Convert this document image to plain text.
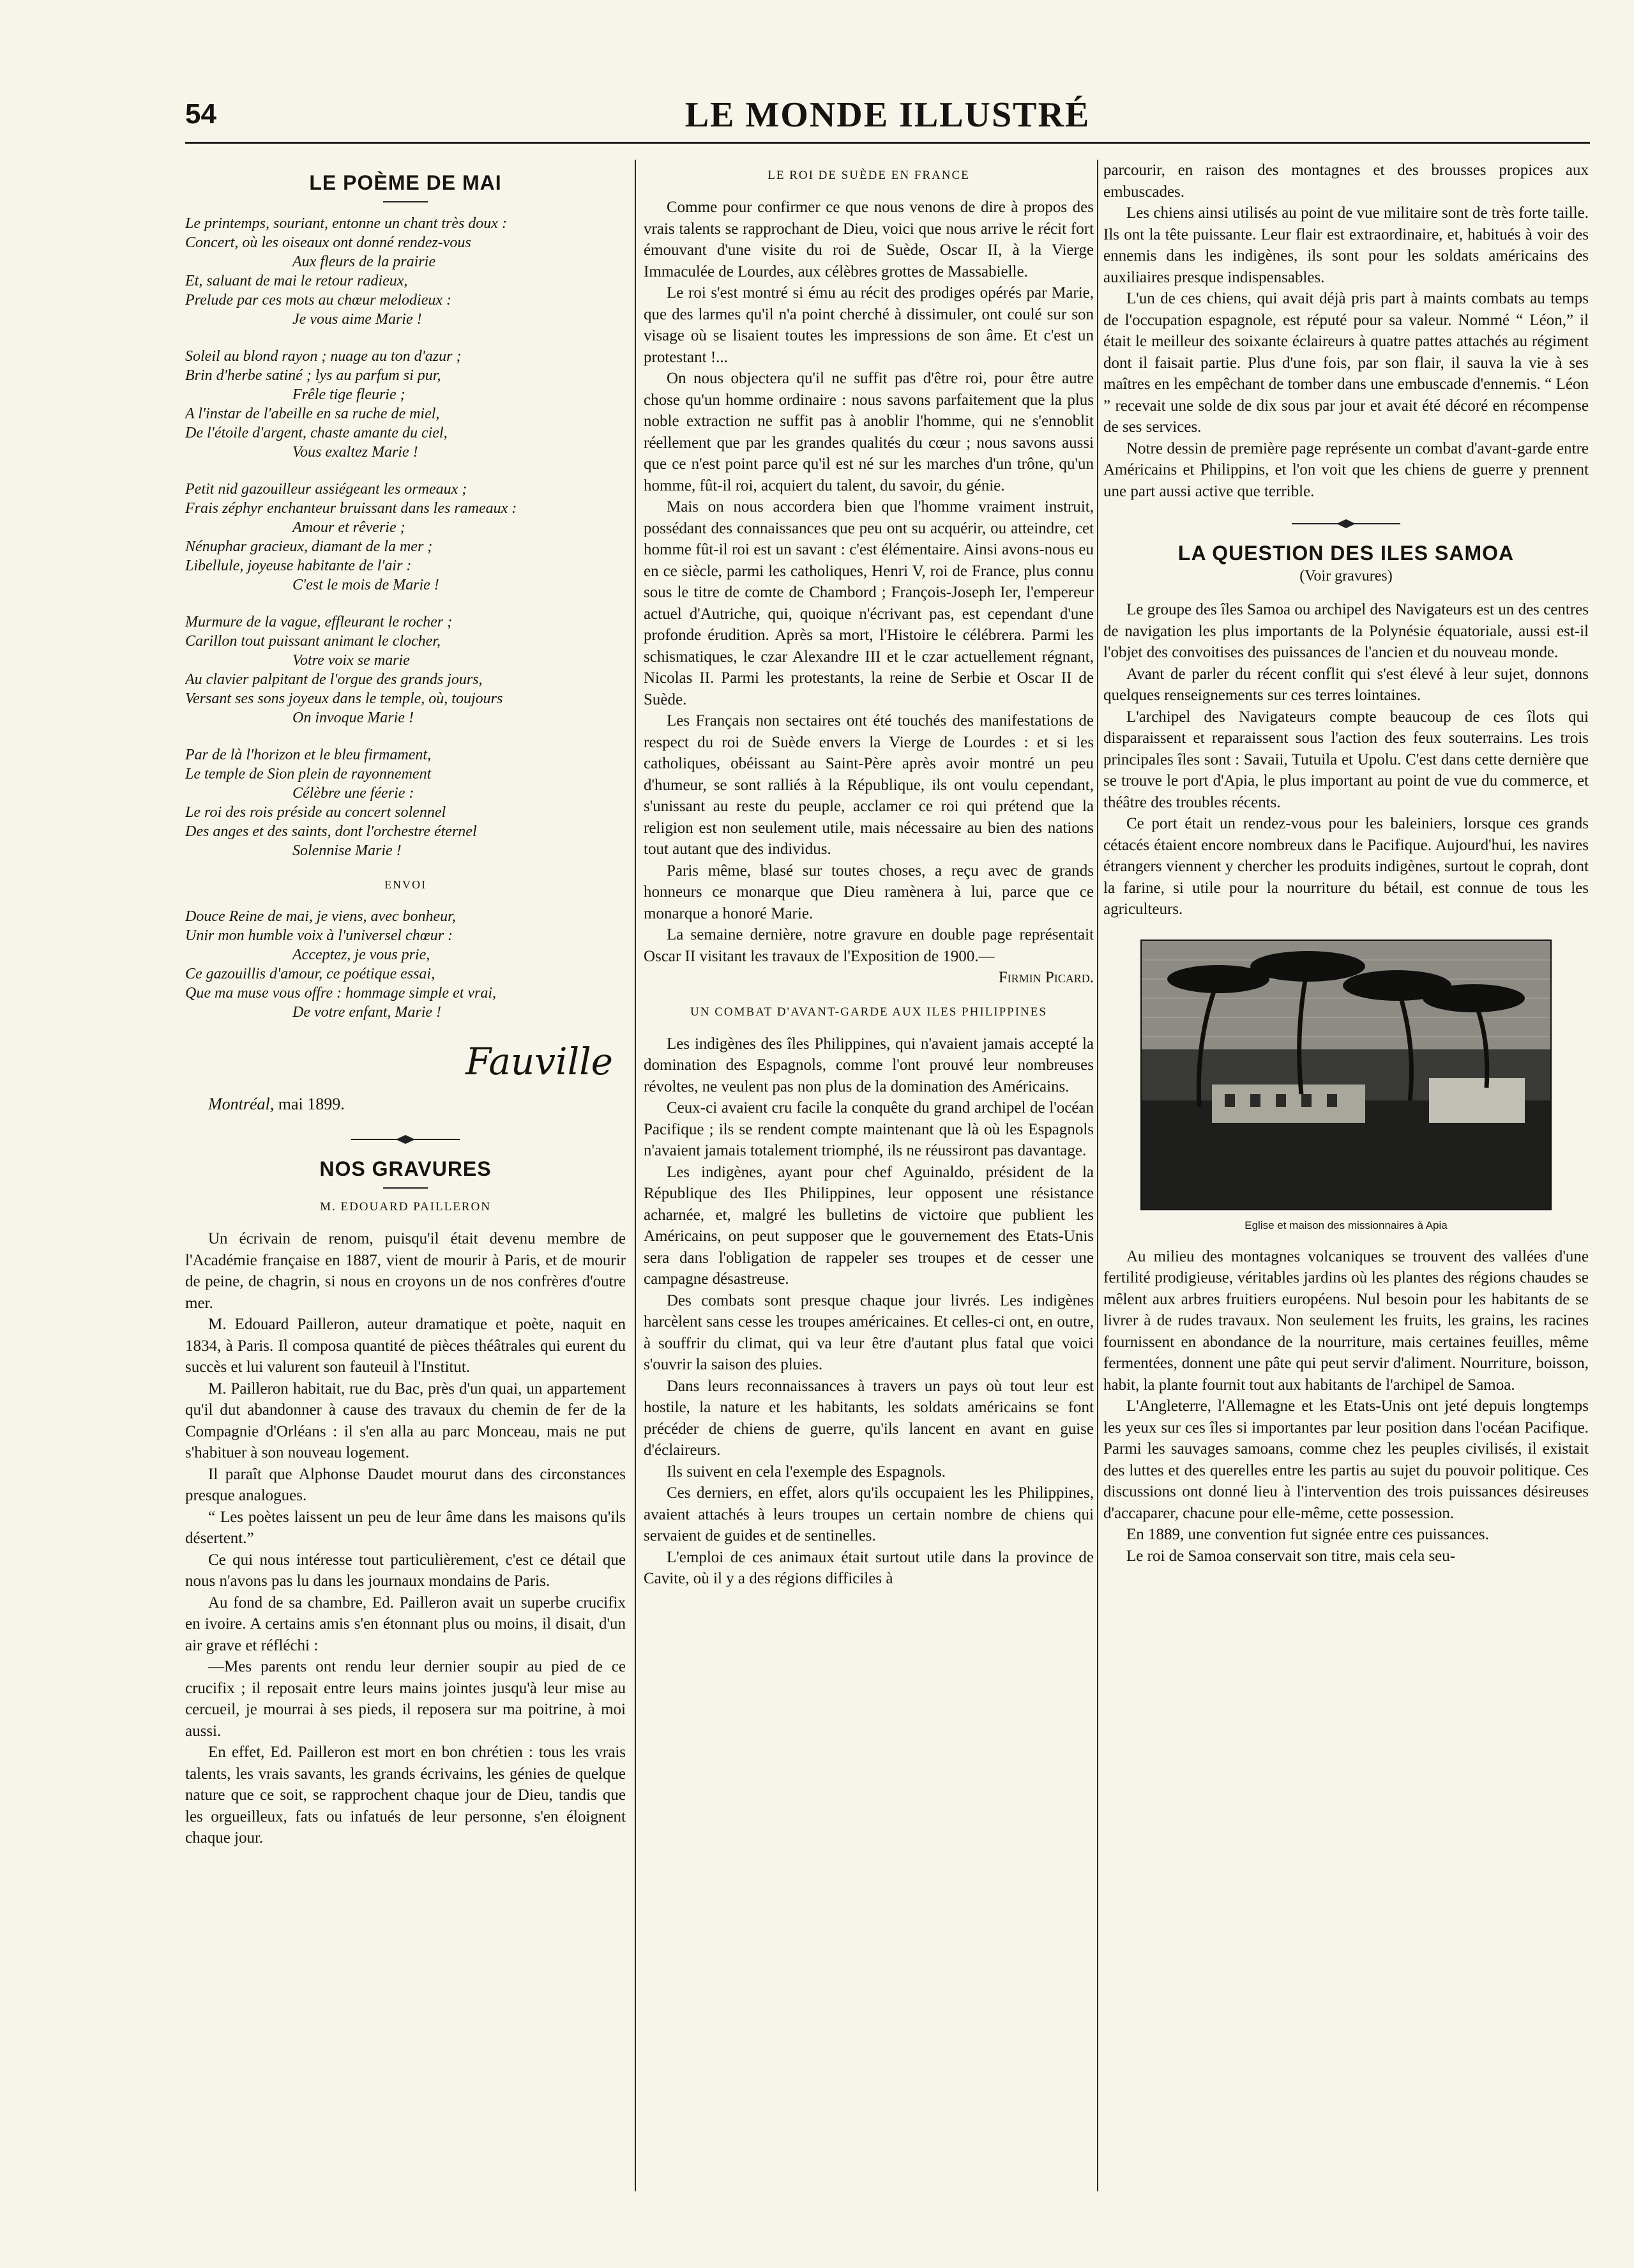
54	LE MONDE ILLUSTRÉ
LE POÈME DE MAI
Le printemps, souriant, entonne un chant très doux :
Concert, où les oiseaux ont donné rendez-vous
Aux fleurs de la prairie
Et, saluant de mai le retour radieux,
Prelude par ces mots au chœur melodieux :
Je vous aime Marie !
Soleil au blond rayon ; nuage au ton d'azur ;
Brin d'herbe satiné ; lys au parfum si pur,
Frêle tige fleurie ;
A l'instar de l'abeille en sa ruche de miel,
De l'étoile d'argent, chaste amante du ciel,
Vous exaltez Marie !
Petit nid gazouilleur assiégeant les ormeaux ;
Frais zéphyr enchanteur bruissant dans les rameaux :
Amour et rêverie ;
Nénuphar gracieux, diamant de la mer ;
Libellule, joyeuse habitante de l'air :
C'est le mois de Marie !
Murmure de la vague, effleurant le rocher ;
Carillon tout puissant animant le clocher,
Votre voix se marie
Au clavier palpitant de l'orgue des grands jours,
Versant ses sons joyeux dans le temple, où, toujours
On invoque Marie !
Par de là l'horizon et le bleu firmament,
Le temple de Sion plein de rayonnement
Célèbre une féerie :
Le roi des rois préside au concert solennel
Des anges et des saints, dont l'orchestre éternel
Solennise Marie !
ENVOI
Douce Reine de mai, je viens, avec bonheur,
Unir mon humble voix à l'universel chœur :
Acceptez, je vous prie,
Ce gazouillis d'amour, ce poétique essai,
Que ma muse vous offre : hommage simple et vrai,
De votre enfant, Marie !
Fauville
Montréal, mai 1899.
NOS GRAVURES
M. EDOUARD PAILLERON

Un écrivain de renom, puisqu'il était devenu membre de l'Académie française en 1887, vient de mourir à Paris, et de mourir de peine, de chagrin, si nous en croyons un de nos confrères d'outre mer.

M. Edouard Pailleron, auteur dramatique et poète, naquit en 1834, à Paris. Il composa quantité de pièces théâtrales qui eurent du succès et lui valurent son fauteuil à l'Institut.

M. Pailleron habitait, rue du Bac, près d'un quai, un appartement qu'il dut abandonner à cause des travaux du chemin de fer de la Compagnie d'Orléans : il s'en alla au parc Monceau, mais ne put s'habituer à son nouveau logement.

Il paraît que Alphonse Daudet mourut dans des circonstances presque analogues.

“ Les poètes laissent un peu de leur âme dans les maisons qu'ils désertent.”

Ce qui nous intéresse tout particulièrement, c'est ce détail que nous n'avons pas lu dans les journaux mondains de Paris.

Au fond de sa chambre, Ed. Pailleron avait un superbe crucifix en ivoire. A certains amis s'en étonnant plus ou moins, il disait, d'un air grave et réfléchi :

—Mes parents ont rendu leur dernier soupir au pied de ce crucifix ; il reposait entre leurs mains jointes jusqu'à leur mise au cercueil, je mourrai à ses pieds, il reposera sur ma poitrine, à moi aussi.

En effet, Ed. Pailleron est mort en bon chrétien : tous les vrais talents, les vrais savants, les grands écrivains, les génies de quelque nature que ce soit, se rapprochent chaque jour de Dieu, tandis que les orgueilleux, fats ou infatués de leur personne, s'en éloignent chaque jour.

LE ROI DE SUÈDE EN FRANCE

Comme pour confirmer ce que nous venons de dire à propos des vrais talents se rapprochant de Dieu, voici que nous arrive le récit fort émouvant d'une visite du roi de Suède, Oscar II, à la Vierge Immaculée de Lourdes, aux célèbres grottes de Massabielle.

Le roi s'est montré si ému au récit des prodiges opérés par Marie, que des larmes qu'il n'a point cherché à dissimuler, ont coulé sur son visage où se lisaient toutes les impressions de son âme. Et c'est un protestant !...

On nous objectera qu'il ne suffit pas d'être roi, pour être autre chose qu'un homme ordinaire : nous savons parfaitement que la plus noble extraction ne suffit pas à anoblir l'homme, qui ne s'ennoblit réellement que par les grandes qualités du cœur ; nous savons aussi que ce n'est point parce qu'il est né sur les marches d'un trône, qu'un homme, fût-il roi, acquiert du talent, du savoir, du génie.

Mais on nous accordera bien que l'homme vraiment instruit, possédant des connaissances que peu ont su acquérir, ou atteindre, cet homme fût-il roi est un savant : c'est élémentaire. Ainsi avons-nous eu en ce siècle, parmi les catholiques, Henri V, roi de France, plus connu sous le titre de comte de Chambord ; François-Joseph Ier, l'empereur actuel d'Autriche, qui, quoique n'écrivant pas, est cependant d'une profonde érudition. Après sa mort, l'Histoire le célébrera. Parmi les schismatiques, le czar Alexandre III et le czar actuellement régnant, Nicolas II. Parmi les protestants, la reine de Serbie et Oscar II de Suède.

Les Français non sectaires ont été touchés des manifestations de respect du roi de Suède envers la Vierge de Lourdes : et si les catholiques, obéissant au Saint-Père après avoir montré un peu d'humeur, se sont ralliés à la République, ils ont voulu cependant, s'unissant au reste du peuple, acclamer ce roi qui prétend que la religion est non seulement utile, mais nécessaire au bien des nations tout autant que des individus.

Paris même, blasé sur toutes choses, a reçu avec de grands honneurs ce monarque que Dieu ramènera à lui, parce que ce monarque a honoré Marie.

La semaine dernière, notre gravure en double page représentait Oscar II visitant les travaux de l'Exposition de 1900.—

Firmin Picard.

UN COMBAT D'AVANT-GARDE AUX ILES PHILIPPINES

Les indigènes des îles Philippines, qui n'avaient jamais accepté la domination des Espagnols, comme l'ont prouvé leur nombreuses révoltes, ne veulent pas non plus de la domination des Américains.

Ceux-ci avaient cru facile la conquête du grand archipel de l'océan Pacifique ; ils se rendent compte maintenant que là où les Espagnols n'avaient jamais totalement triomphé, ils ne réussiront pas davantage.

Les indigènes, ayant pour chef Aguinaldo, président de la République des Iles Philippines, leur opposent une résistance acharnée, et, malgré les bulletins de victoire que publient les Américains, on peut supposer que le gouvernement des Etats-Unis sera dans l'obligation de rappeler ses troupes et de cesser une campagne désastreuse.

Des combats sont presque chaque jour livrés. Les indigènes harcèlent sans cesse les troupes américaines. Et celles-ci ont, en outre, à souffrir du climat, qui va leur être d'autant plus fatal que voici s'ouvrir la saison des pluies.

Dans leurs reconnaissances à travers un pays où tout leur est hostile, la nature et les habitants, les soldats américains se font précéder de chiens de guerre, qu'ils lancent en avant en guise d'éclaireurs.

Ils suivent en cela l'exemple des Espagnols.

Ces derniers, en effet, alors qu'ils occupaient les les Philippines, avaient attachés à leurs troupes un certain nombre de chiens qui servaient de guides et de sentinelles.

L'emploi de ces animaux était surtout utile dans la province de Cavite, où il y a des régions difficiles à

parcourir, en raison des montagnes et des brousses propices aux embuscades.

Les chiens ainsi utilisés au point de vue militaire sont de très forte taille. Ils ont la tête puissante. Leur flair est extraordinaire, et, habitués à voir des ennemis dans les indigènes, ils sont pour les soldats américains des auxiliaires presque indispensables.

L'un de ces chiens, qui avait déjà pris part à maints combats au temps de l'occupation espagnole, est réputé pour sa valeur. Nommé “ Léon,” il était le meilleur des soixante éclaireurs à quatre pattes attachés au régiment dont il faisait partie. Plus d'une fois, par son flair, il sauva la vie à ses maîtres en les empêchant de tomber dans une embuscade d'ennemis. “ Léon ” recevait une solde de dix sous par jour et avait été décoré en récompense de ses services.

Notre dessin de première page représente un combat d'avant-garde entre Américains et Philippins, et l'on voit que les chiens de guerre y prennent une part aussi active que terrible.

LA QUESTION DES ILES SAMOA
(Voir gravures)

Le groupe des îles Samoa ou archipel des Navigateurs est un des centres de navigation les plus importants de la Polynésie équatoriale, aussi est-il l'objet des convoitises des puissances de l'ancien et du nouveau monde.

Avant de parler du récent conflit qui s'est élevé à leur sujet, donnons quelques renseignements sur ces terres lointaines.

L'archipel des Navigateurs compte beaucoup de ces îlots qui disparaissent et reparaissent sous l'action des feux souterrains. Les trois principales îles sont : Savaii, Tutuila et Upolu. C'est dans cette dernière que se trouve le port d'Apia, le plus important au point de vue du commerce, et théâtre des troubles récents.

Ce port était un rendez-vous pour les baleiniers, lorsque ces grands cétacés étaient encore nombreux dans le Pacifique. Aujourd'hui, les navires étrangers viennent y chercher les produits indigènes, surtout le coprah, dont la farine, si utile pour la nourriture du bétail, est connue de tous les agriculteurs.

Eglise et maison des missionnaires à Apia

Au milieu des montagnes volcaniques se trouvent des vallées d'une fertilité prodigieuse, véritables jardins où les plantes des régions chaudes se mêlent aux arbres fruitiers européens. Nul besoin pour les habitants de se livrer à de rudes travaux. Non seulement les fruits, les grains, les racines fournissent en abondance de la nourriture, mais certaines feuilles, même fermentées, donnent une pâte qui peut servir d'aliment. Nourriture, boisson, habit, la plante fournit tout aux habitants de l'archipel de Samoa.

L'Angleterre, l'Allemagne et les Etats-Unis ont jeté depuis longtemps les yeux sur ces îles si importantes par leur position dans l'océan Pacifique. Parmi les sauvages samoans, comme chez les peuples civilisés, il existait des luttes et des querelles entre les partis au sujet du pouvoir politique. Ces discussions ont donné lieu à l'intervention des trois puissances désireuses d'accaparer, chacune pour elle-même, cette possession.

En 1889, une convention fut signée entre ces puissances.

Le roi de Samoa conservait son titre, mais cela seu-
